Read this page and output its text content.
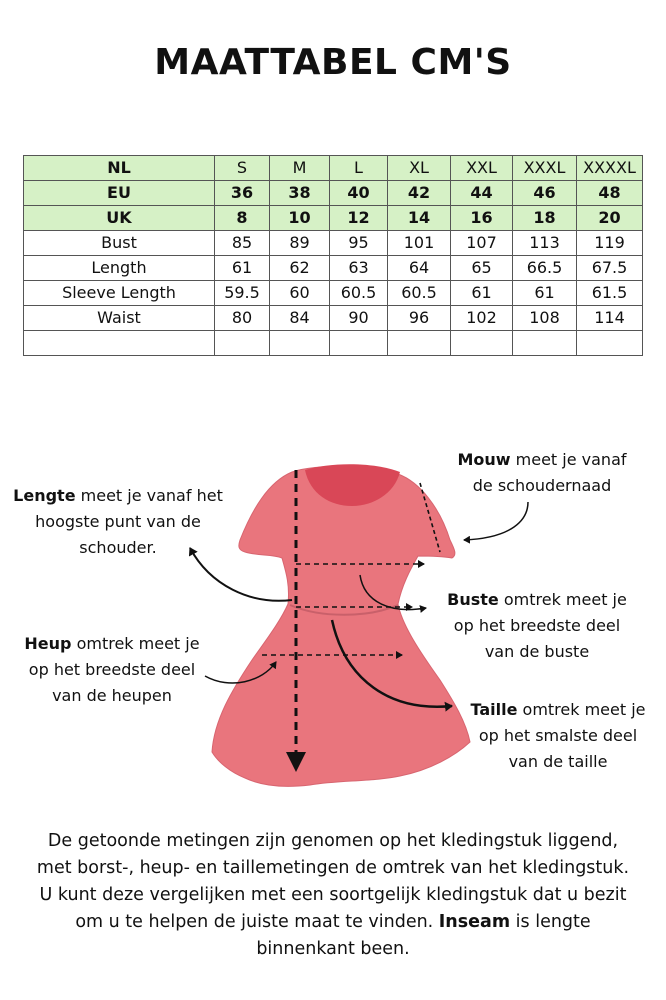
MAATTABEL CM'S
NL	S	M	L	XL	XXL	XXXL	XXXXL
EU	36	38	40	42	44	46	48
UK	8	10	12	14	16	18	20
Bust	85	89	95	101	107	113	119
Length	61	62	63	64	65	66.5	67.5
Sleeve Length	59.5	60	60.5	60.5	61	61	61.5
Waist	80	84	90	96	102	108	114

Mouw meet je vanaf
de schoudernaad
Lengte meet je vanaf het
hoogste punt van de
schouder.
Buste omtrek meet je
op het breedste deel
van de buste
Heup omtrek meet je
op het breedste deel
van de heupen
Taille omtrek meet je
op het smalste deel
van de taille
De getoonde metingen zijn genomen op het kledingstuk liggend, met borst-, heup- en taillemetingen de omtrek van het kledingstuk. U kunt deze vergelijken met een soortgelijk kledingstuk dat u bezit om u te helpen de juiste maat te vinden. Inseam is lengte binnenkant been.
